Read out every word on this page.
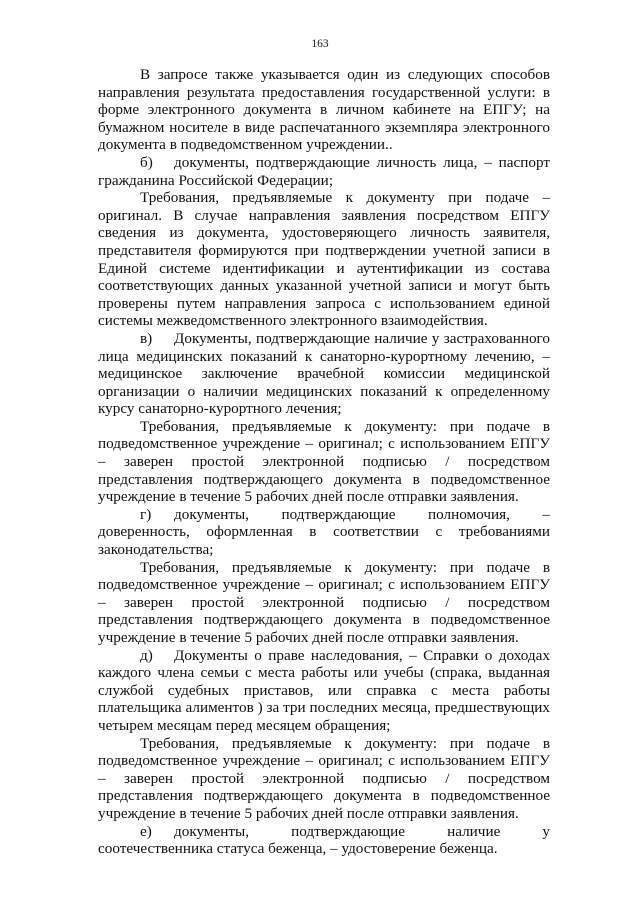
163

В запросе также указывается один из следующих способов направления результата предоставления государственной услуги: в форме электронного документа в личном кабинете на ЕПГУ; на бумажном носителе в виде распечатанного экземпляра электронного документа в подведомственном учреждении..

б) документы, подтверждающие личность лица, – паспорт гражданина Российской Федерации;

Требования, предъявляемые к документу при подаче – оригинал. В случае направления заявления посредством ЕПГУ сведения из документа, удостоверяющего личность заявителя, представителя формируются при подтверждении учетной записи в Единой системе идентификации и аутентификации из состава соответствующих данных указанной учетной записи и могут быть проверены путем направления запроса с использованием единой системы межведомственного электронного взаимодействия.

в) Документы, подтверждающие наличие у застрахованного лица медицинских показаний к санаторно-курортному лечению, – медицинское заключение врачебной комиссии медицинской организации о наличии медицинских показаний к определенному курсу санаторно-курортного лечения;

Требования, предъявляемые к документу: при подаче в подведомственное учреждение – оригинал; с использованием ЕПГУ – заверен простой электронной подписью / посредством представления подтверждающего документа в подведомственное учреждение в течение 5 рабочих дней после отправки заявления.

г) документы, подтверждающие полномочия, – доверенность, оформленная в соответствии с требованиями законодательства;

Требования, предъявляемые к документу: при подаче в подведомственное учреждение – оригинал; с использованием ЕПГУ – заверен простой электронной подписью / посредством представления подтверждающего документа в подведомственное учреждение в течение 5 рабочих дней после отправки заявления.

д) Документы о праве наследования, – Справки о доходах каждого члена семьи с места работы или учебы (спрака, выданная службой судебных приставов, или справка с места работы плательщика алиментов ) за три последних месяца, предшествующих четырем месяцам перед месяцем обращения;

Требования, предъявляемые к документу: при подаче в подведомственное учреждение – оригинал; с использованием ЕПГУ – заверен простой электронной подписью / посредством представления подтверждающего документа в подведомственное учреждение в течение 5 рабочих дней после отправки заявления.

е) документы, подтверждающие наличие у соотечественника статуса беженца, – удостоверение беженца.
